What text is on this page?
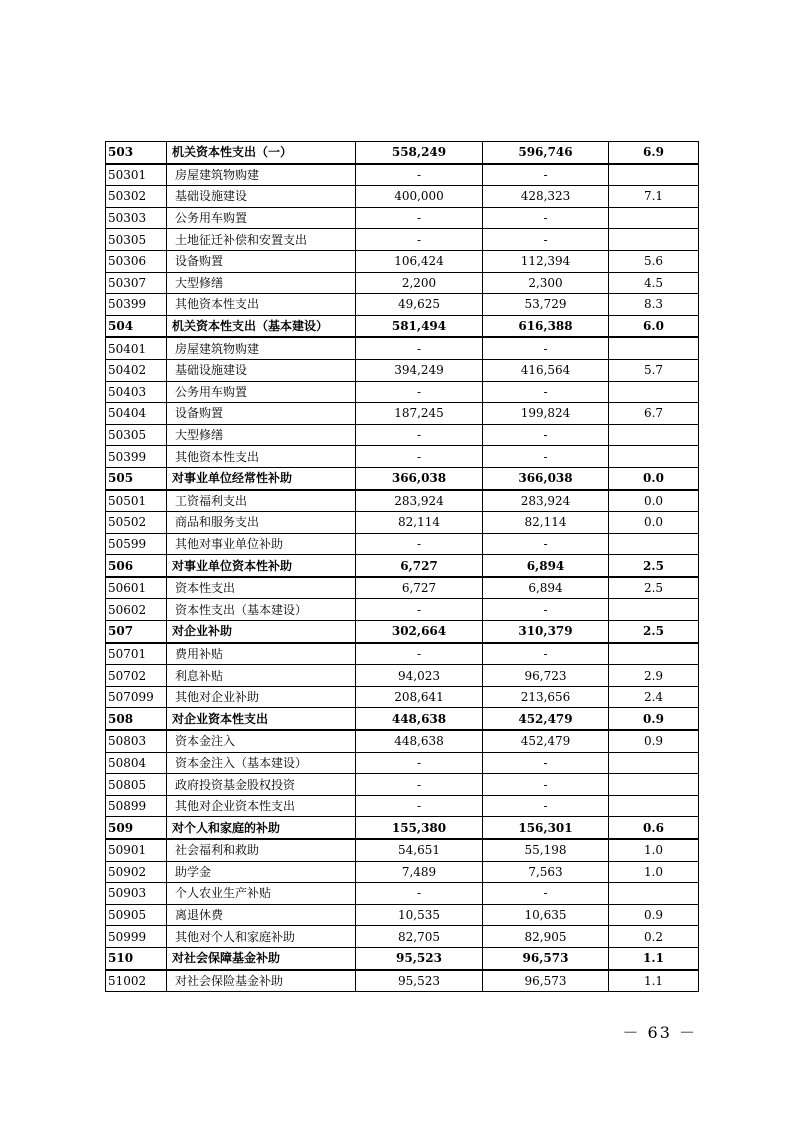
503	机关资本性支出（一）	558,249	596,746	6.9
50301	房屋建筑物购建	-	-	
50302	基础设施建设	400,000	428,323	7.1
50303	公务用车购置	-	-	
50305	土地征迁补偿和安置支出	-	-	
50306	设备购置	106,424	112,394	5.6
50307	大型修缮	2,200	2,300	4.5
50399	其他资本性支出	49,625	53,729	8.3
504	机关资本性支出（基本建设）	581,494	616,388	6.0
50401	房屋建筑物购建	-	-	
50402	基础设施建设	394,249	416,564	5.7
50403	公务用车购置	-	-	
50404	设备购置	187,245	199,824	6.7
50305	大型修缮	-	-	
50399	其他资本性支出	-	-	
505	对事业单位经常性补助	366,038	366,038	0.0
50501	工资福利支出	283,924	283,924	0.0
50502	商品和服务支出	82,114	82,114	0.0
50599	其他对事业单位补助	-	-	
506	对事业单位资本性补助	6,727	6,894	2.5
50601	资本性支出	6,727	6,894	2.5
50602	资本性支出（基本建设）	-	-	
507	对企业补助	302,664	310,379	2.5
50701	费用补贴	-	-	
50702	利息补贴	94,023	96,723	2.9
507099	其他对企业补助	208,641	213,656	2.4
508	对企业资本性支出	448,638	452,479	0.9
50803	资本金注入	448,638	452,479	0.9
50804	资本金注入（基本建设）	-	-	
50805	政府投资基金股权投资	-	-	
50899	其他对企业资本性支出	-	-	
509	对个人和家庭的补助	155,380	156,301	0.6
50901	社会福利和救助	54,651	55,198	1.0
50902	助学金	7,489	7,563	1.0
50903	个人农业生产补贴	-	-	
50905	离退休费	10,535	10,635	0.9
50999	其他对个人和家庭补助	82,705	82,905	0.2
510	对社会保障基金补助	95,523	96,573	1.1
51002	对社会保险基金补助	95,523	96,573	1.1
－ 63 －
